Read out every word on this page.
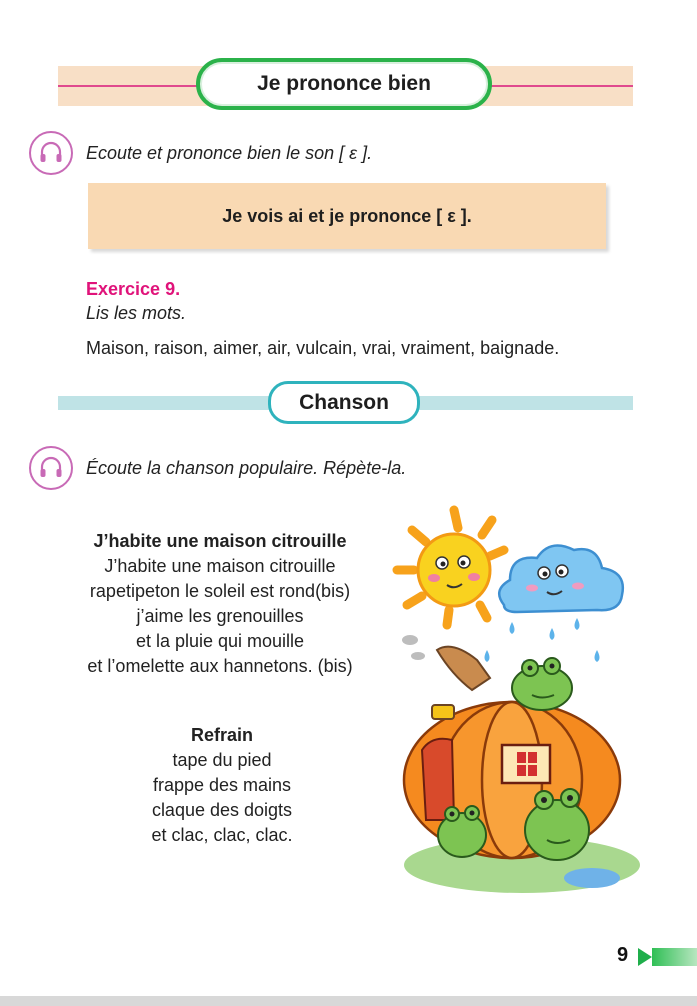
Je prononce bien
Ecoute et prononce bien le son [ ε ].
Je vois ai et je prononce [ ε ].
Exercice 9.
Lis les mots.
Maison, raison, aimer, air, vulcain, vrai, vraiment, baignade.
Chanson
Écoute la chanson populaire. Répète-la.
J’habite une maison citrouille
J’habite une maison citrouille
rapetipeton le soleil est rond(bis)
j’aime les grenouilles
et la pluie qui mouille
et l’omelette aux hannetons. (bis)
Refrain
tape du pied
frappe des mains
claque des doigts
et clac, clac, clac.
9
